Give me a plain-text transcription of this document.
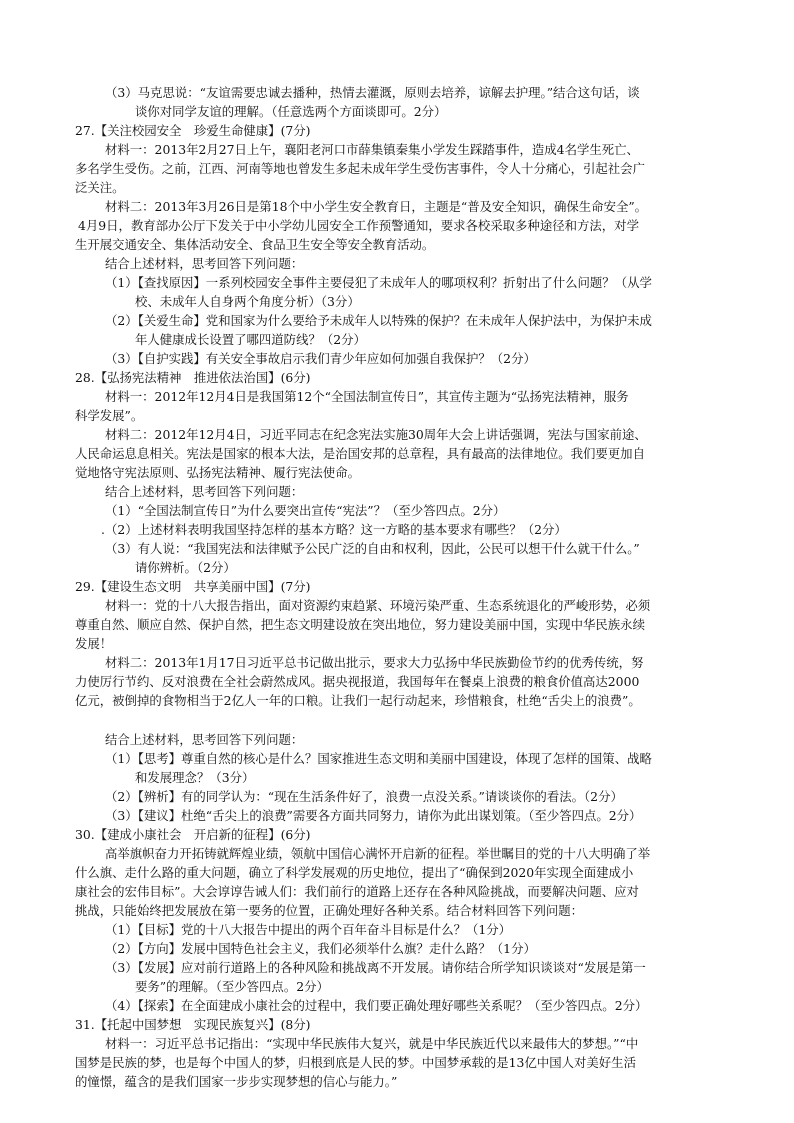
（3）马克思说：“友谊需要忠诚去播种，热情去灌溉，原则去培养，谅解去护理。”结合这句话，谈
谈你对同学友谊的理解。（任意选两个方面谈即可。2分）
27.【关注校园安全　珍爱生命健康】(7分)
材料一：2013年2月27日上午，襄阳老河口市薛集镇秦集小学发生踩踏事件，造成4名学生死亡、
多名学生受伤。之前，江西、河南等地也曾发生多起未成年学生受伤害事件，令人十分痛心，引起社会广
泛关注。
材料二：2013年3月26日是第18个中小学生安全教育日，主题是“普及安全知识，确保生命安全”。
4月9日，教育部办公厅下发关于中小学幼儿园安全工作预警通知，要求各校采取多种途径和方法，对学
生开展交通安全、集体活动安全、食品卫生安全等安全教育活动。
结合上述材料，思考回答下列问题：
（1）【查找原因】一系列校园安全事件主要侵犯了未成年人的哪项权利？折射出了什么问题？（从学
校、未成年人自身两个角度分析）（3分）
（2）【关爱生命】党和国家为什么要给予未成年人以特殊的保护？在未成年人保护法中，为保护未成
年人健康成长设置了哪四道防线？（2分）
（3）【自护实践】有关安全事故启示我们青少年应如何加强自我保护？（2分）
28.【弘扬宪法精神　推进依法治国】(6分)
材料一：2012年12月4日是我国第12个“全国法制宣传日”，其宣传主题为“弘扬宪法精神，服务
科学发展”。
材料二：2012年12月4日，习近平同志在纪念宪法实施30周年大会上讲话强调，宪法与国家前途、
人民命运息息相关。宪法是国家的根本大法，是治国安邦的总章程，具有最高的法律地位。我们要更加自
觉地恪守宪法原则、弘扬宪法精神、履行宪法使命。
结合上述材料，思考回答下列问题：
（1）“全国法制宣传日”为什么要突出宣传“宪法”？（至少答四点。2分）
.（2）上述材料表明我国坚持怎样的基本方略？这一方略的基本要求有哪些？（2分）
（3）有人说：“我国宪法和法律赋予公民广泛的自由和权利，因此，公民可以想干什么就干什么。”
请你辨析。（2分）
29.【建设生态文明　共享美丽中国】(7分)
材料一：党的十八大报告指出，面对资源约束趋紧、环境污染严重、生态系统退化的严峻形势，必须
尊重自然、顺应自然、保护自然，把生态文明建设放在突出地位，努力建设美丽中国，实现中华民族永续
发展！
材料二：2013年1月17日习近平总书记做出批示，要求大力弘扬中华民族勤俭节约的优秀传统，努
力使厉行节约、反对浪费在全社会蔚然成风。据央视报道，我国每年在餐桌上浪费的粮食价值高达2000
亿元，被倒掉的食物相当于2亿人一年的口粮。让我们一起行动起来，珍惜粮食，杜绝“舌尖上的浪费”。
结合上述材料，思考回答下列问题：
（1）【思考】尊重自然的核心是什么？国家推进生态文明和美丽中国建设，体现了怎样的国策、战略
和发展理念？（3分）
（2）【辨析】有的同学认为：“现在生活条件好了，浪费一点没关系。”请谈谈你的看法。（2分）
（3）【建议】杜绝“舌尖上的浪费”需要各方面共同努力，请你为此出谋划策。（至少答四点。2分）
30.【建成小康社会　开启新的征程】(6分)
高举旗帜奋力开拓铸就辉煌业绩，领航中国信心满怀开启新的征程。举世瞩目的党的十八大明确了举
什么旗、走什么路的重大问题，确立了科学发展观的历史地位，提出了“确保到2020年实现全面建成小
康社会的宏伟目标”。大会谆谆告诫人们：我们前行的道路上还存在各种风险挑战，而要解决问题、应对
挑战，只能始终把发展放在第一要务的位置，正确处理好各种关系。结合材料回答下列问题：
（1）【目标】党的十八大报告中提出的两个百年奋斗目标是什么？（1分）
（2）【方向】发展中国特色社会主义，我们必须举什么旗？走什么路？（1分）
（3）【发展】应对前行道路上的各种风险和挑战离不开发展。请你结合所学知识谈谈对“发展是第一
要务”的理解。（至少答四点。2分）
（4）【探索】在全面建成小康社会的过程中，我们要正确处理好哪些关系呢？（至少答四点。2分）
31.【托起中国梦想　实现民族复兴】(8分)
材料一：习近平总书记指出：“实现中华民族伟大复兴，就是中华民族近代以来最伟大的梦想。”“中
国梦是民族的梦，也是每个中国人的梦，归根到底是人民的梦。中国梦承载的是13亿中国人对美好生活
的憧憬，蕴含的是我们国家一步步实现梦想的信心与能力。”
